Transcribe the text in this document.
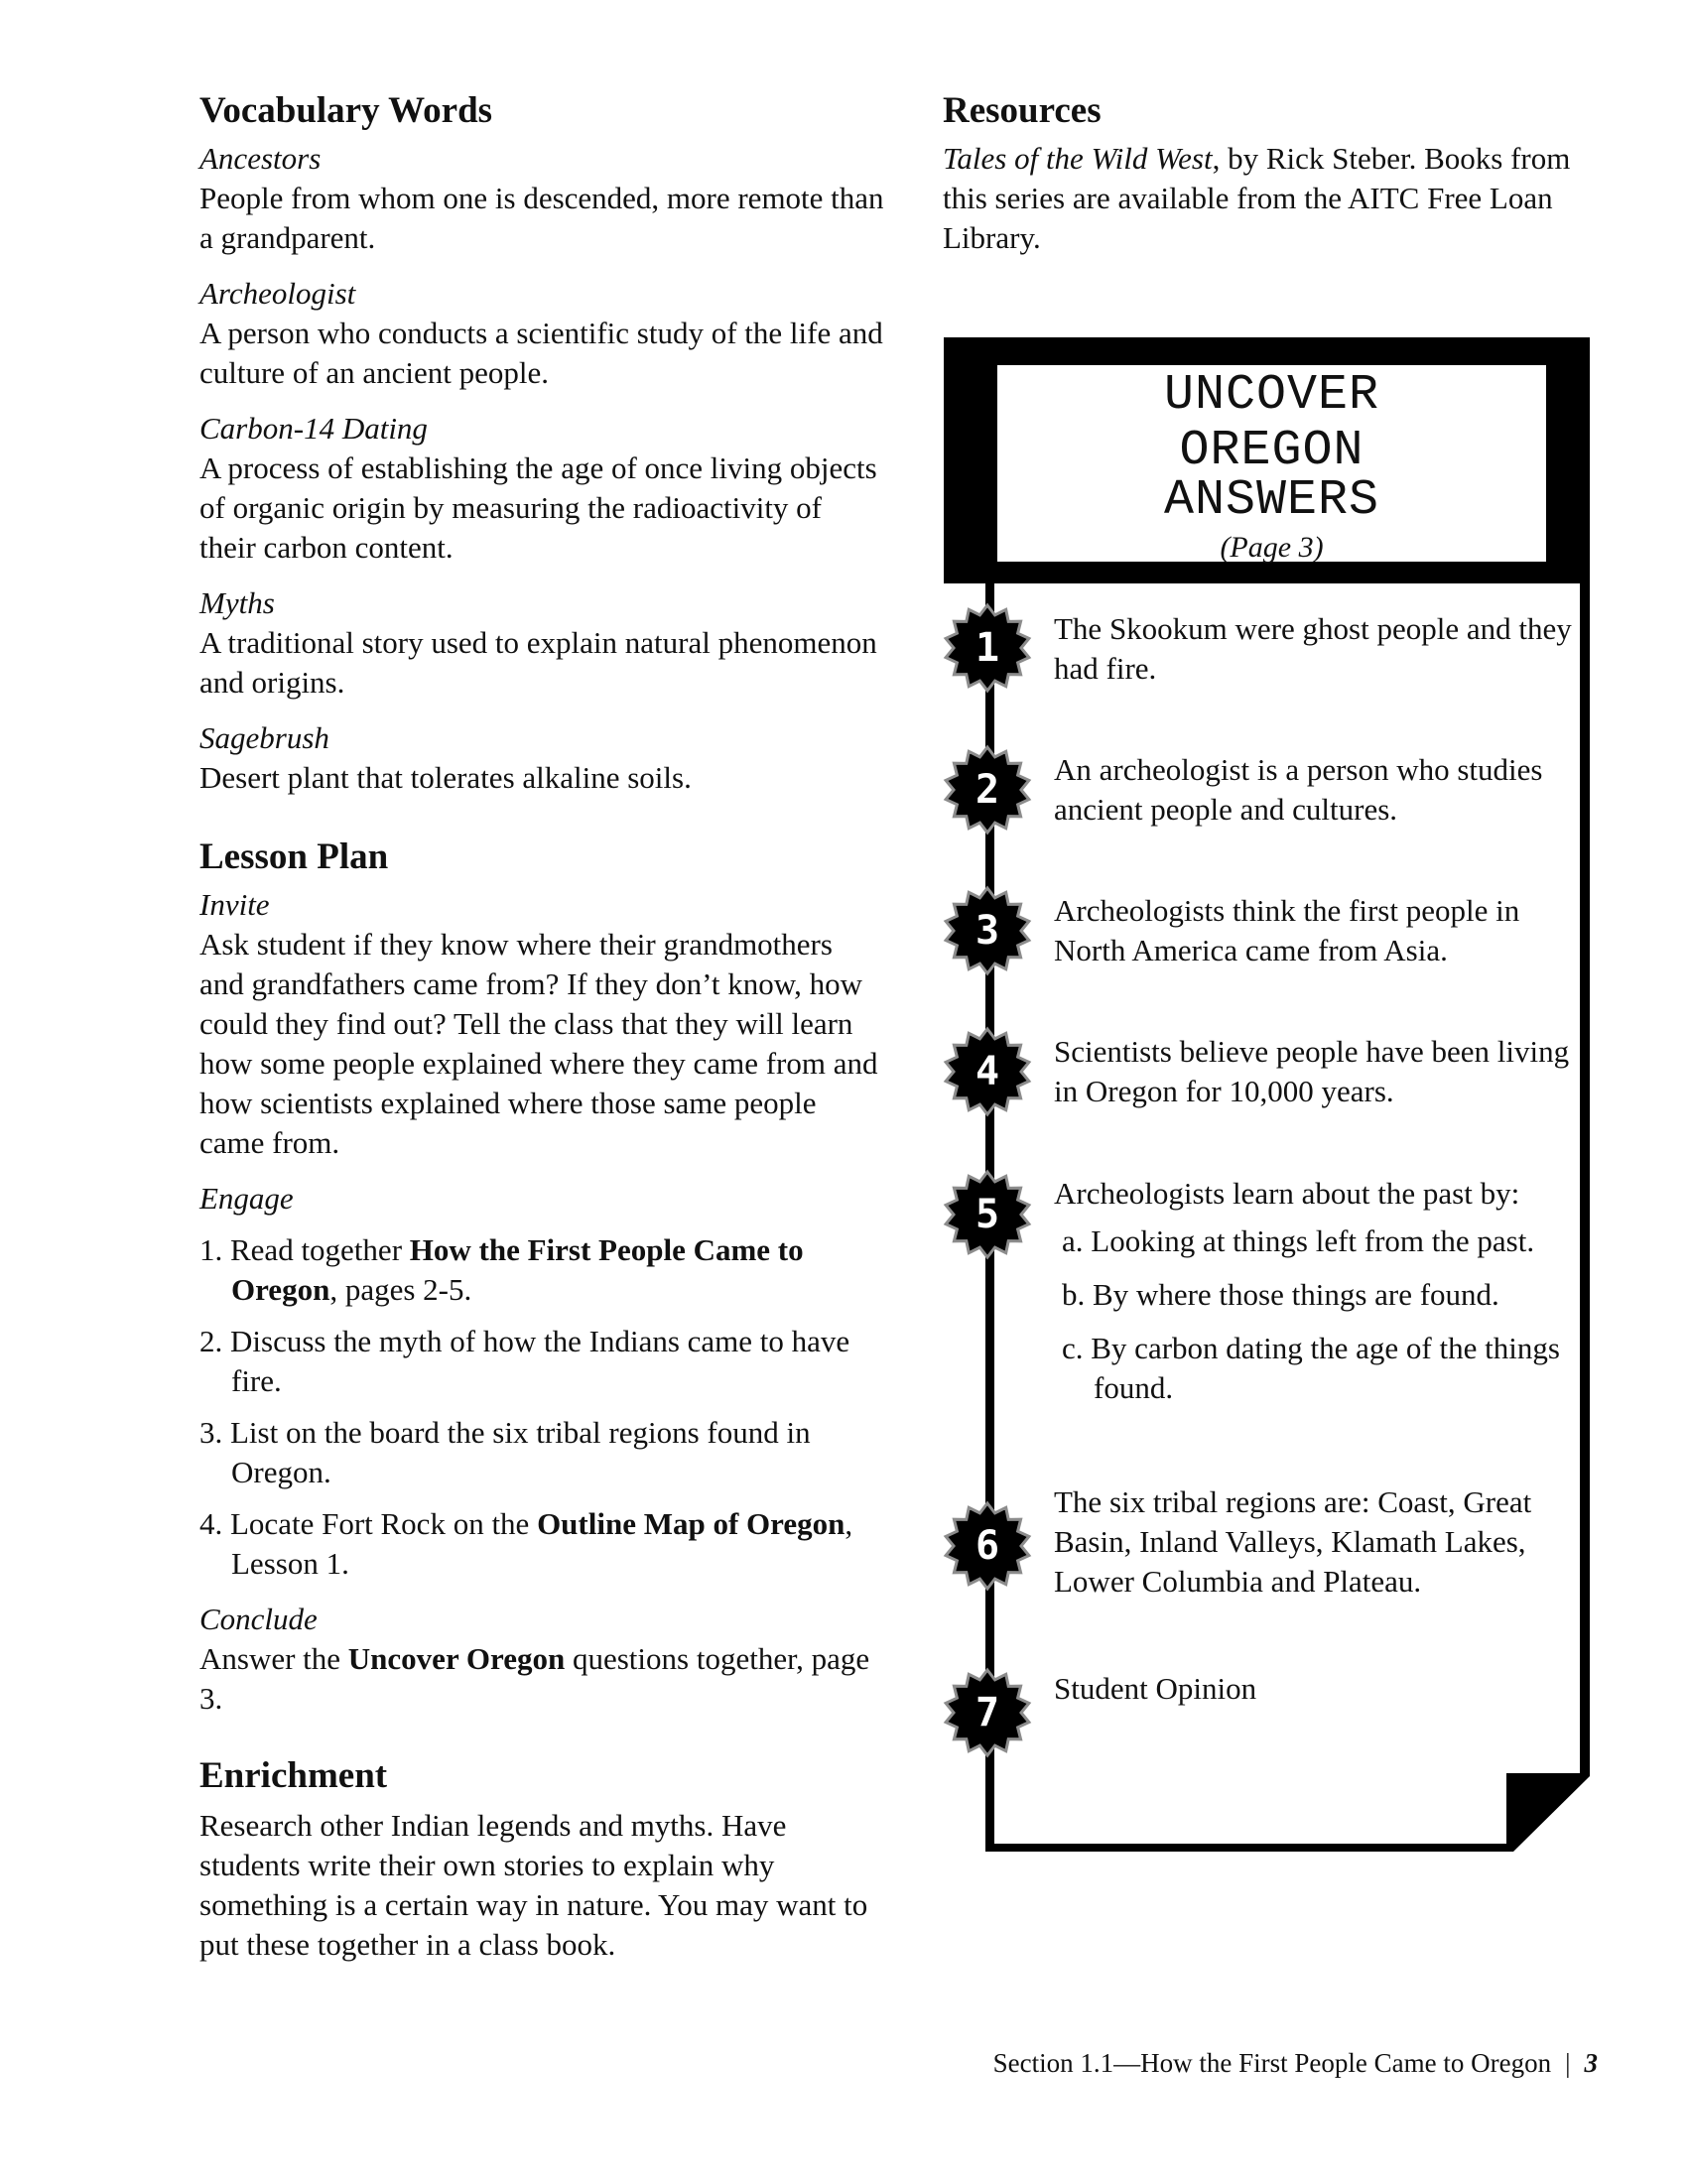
Vocabulary Words
Ancestors
People from whom one is descended, more remote than a grandparent.
Archeologist
A person who conducts a scientific study of the life and culture of an ancient people.
Carbon-14 Dating
A process of establishing the age of once living objects of organic origin by measuring the radioactivity of their carbon content.
Myths
A traditional story used to explain natural phenomenon and origins.
Sagebrush
Desert plant that tolerates alkaline soils.
Lesson Plan
Invite
Ask student if they know where their grandmothers and grandfathers came from? If they don’t know, how could they find out? Tell the class that they will learn how some people explained where they came from and how scientists explained where those same people came from.
Engage
1. Read together How the First People Came to Oregon, pages 2-5.
2. Discuss the myth of how the Indians came to have fire.
3. List on the board the six tribal regions found in Oregon.
4. Locate Fort Rock on the Outline Map of Oregon, Lesson 1.
Conclude
Answer the Uncover Oregon questions together, page 3.
Enrichment
Research other Indian legends and myths. Have students write their own stories to explain why something is a certain way in nature. You may want to put these together in a class book.
Resources
Tales of the Wild West, by Rick Steber. Books from this series are available from the AITC Free Loan Library.
UNCOVER
OREGON
ANSWERS
(Page 3)
1
2
3
4
5
6
7
The Skookum were ghost people and they had fire.
An archeologist is a person who studies ancient people and cultures.
Archeologists think the first people in North America came from Asia.
Scientists believe people have been living in Oregon for 10,000 years.
Archeologists learn about the past by:
a. Looking at things left from the past.
b. By where those things are found.
c. By carbon dating the age of the things found.
The six tribal regions are: Coast, Great Basin, Inland Valleys, Klamath Lakes, Lower Columbia and Plateau.
Student Opinion
Section 1.1—How the First People Came to Oregon | 3
